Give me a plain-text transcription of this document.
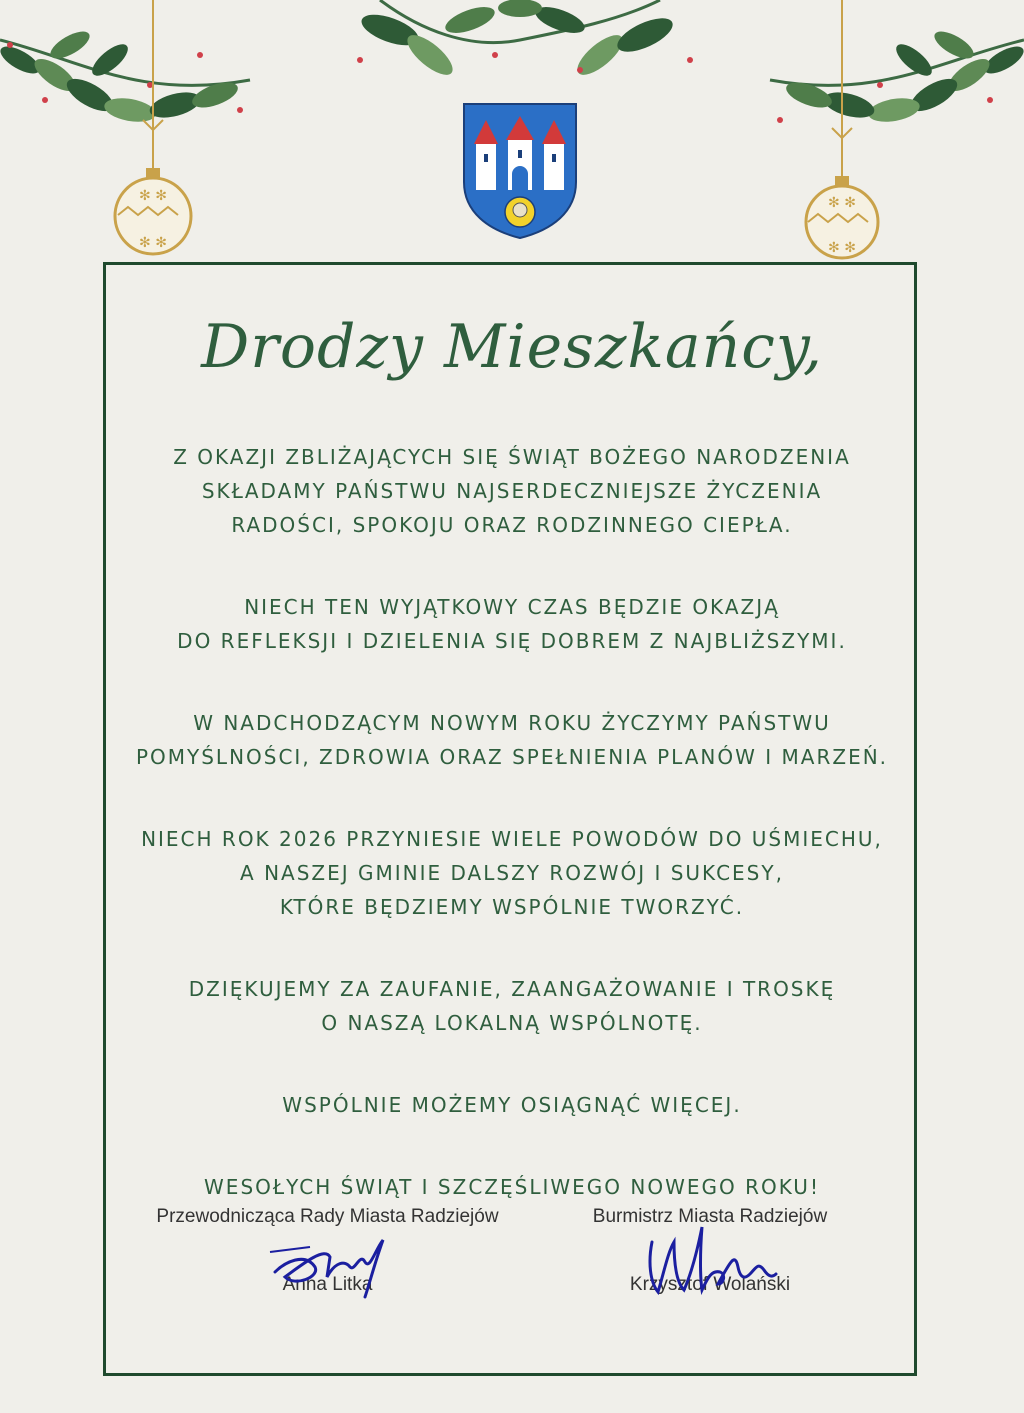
✻ ✻
✻ ✻
✻ ✻
✻ ✻
Drodzy Mieszkańcy,

Z OKAZJI ZBLIŻAJĄCYCH SIĘ ŚWIĄT BOŻEGO NARODZENIA
SKŁADAMY PAŃSTWU NAJSERDECZNIEJSZE ŻYCZENIA
RADOŚCI, SPOKOJU ORAZ RODZINNEGO CIEPŁA.

NIECH TEN WYJĄTKOWY CZAS BĘDZIE OKAZJĄ
DO REFLEKSJI I DZIELENIA SIĘ DOBREM Z NAJBLIŻSZYMI.

W NADCHODZĄCYM NOWYM ROKU ŻYCZYMY PAŃSTWU
POMYŚLNOŚCI, ZDROWIA ORAZ SPEŁNIENIA PLANÓW I MARZEŃ.

NIECH ROK 2026 PRZYNIESIE WIELE POWODÓW DO UŚMIECHU,
A NASZEJ GMINIE DALSZY ROZWÓJ I SUKCESY,
KTÓRE BĘDZIEMY WSPÓLNIE TWORZYĆ.

DZIĘKUJEMY ZA ZAUFANIE, ZAANGAŻOWANIE I TROSKĘ
O NASZĄ LOKALNĄ WSPÓLNOTĘ.

WSPÓLNIE MOŻEMY OSIĄGNĄĆ WIĘCEJ.

WESOŁYCH ŚWIĄT I SZCZĘŚLIWEGO NOWEGO ROKU!

Przewodnicząca Rady Miasta Radziejów
Anna Litka
Burmistrz Miasta Radziejów
Krzysztof Wolański
